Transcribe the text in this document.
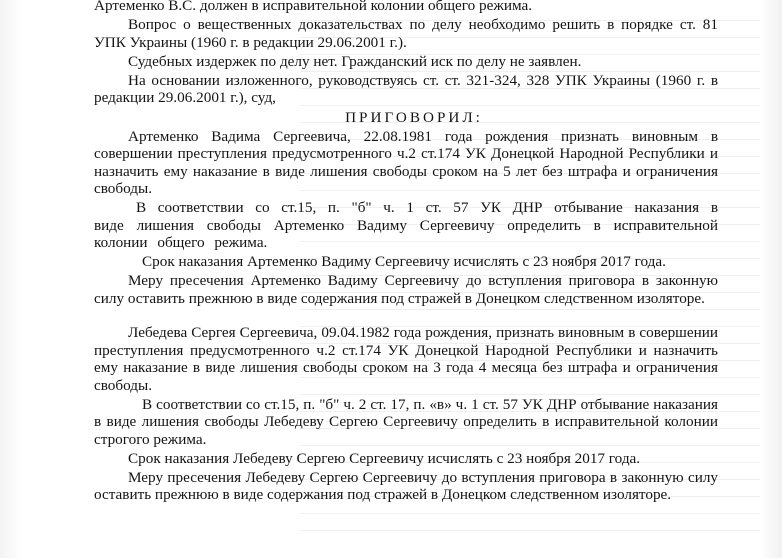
Артеменко В.С. должен в исправительной колонии общего режима.

Вопрос о вещественных доказательствах по делу необходимо решить в порядке ст. 81 УПК Украины (1960 г. в редакции 29.06.2001 г.).

Судебных издержек по делу нет. Гражданский иск по делу не заявлен.

На основании изложенного, руководствуясь ст. ст. 321-324, 328 УПК Украины (1960 г. в редакции 29.06.2001 г.), суд,

ПРИГОВОРИЛ:

Артеменко Вадима Сергеевича, 22.08.1981 года рождения признать виновным в совершении преступления предусмотренного ч.2 ст.174 УК Донецкой Народной Республики и назначить ему наказание в виде лишения свободы сроком на 5 лет без штрафа и ограничения свободы.

В соответствии со ст.15, п. "б" ч. 1 ст. 57 УК ДНР отбывание наказания в виде лишения свободы Артеменко Вадиму Сергеевичу определить в исправительной колонии общего режима.

Срок наказания Артеменко Вадиму Сергеевичу исчислять с 23 ноября 2017 года.

Меру пресечения Артеменко Вадиму Сергеевичу до вступления приговора в законную силу оставить прежнюю в виде содержания под стражей в Донецком следственном изоляторе.

Лебедева Сергея Сергеевича, 09.04.1982 года рождения, признать виновным в совершении преступления предусмотренного ч.2 ст.174 УК Донецкой Народной Республики и назначить ему наказание в виде лишения свободы сроком на 3 года 4 месяца без штрафа и ограничения свободы.

В соответствии со ст.15, п. "б" ч. 2 ст. 17, п. «в» ч. 1 ст. 57 УК ДНР отбывание наказания в виде лишения свободы Лебедеву Сергею Сергеевичу определить в исправительной колонии строгого режима.

Срок наказания Лебедеву Сергею Сергеевичу исчислять с 23 ноября 2017 года.

Меру пресечения Лебедеву Сергею Сергеевичу до вступления приговора в законную силу оставить прежнюю в виде содержания под стражей в Донецком следственном изоляторе.
